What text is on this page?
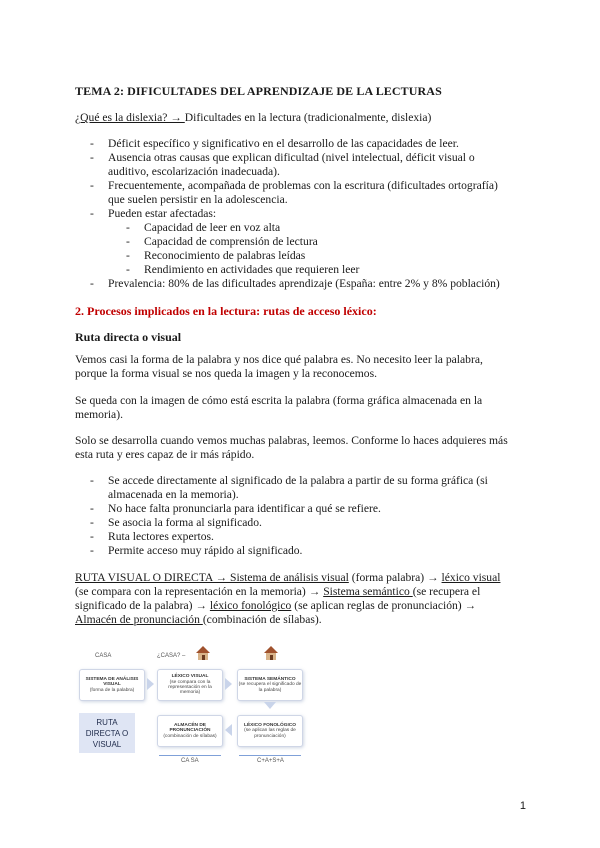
TEMA 2: DIFICULTADES DEL APRENDIZAJE DE LA LECTURAS
¿Qué es la dislexia? → Dificultades en la lectura (tradicionalmente, dislexia)
- Déficit específico y significativo en el desarrollo de las capacidades de leer.
- Ausencia otras causas que explican dificultad (nivel intelectual, déficit visual o
auditivo, escolarización inadecuada).
- Frecuentemente, acompañada de problemas con la escritura (dificultades ortografía)
que suelen persistir en la adolescencia.
- Pueden estar afectadas:
- Capacidad de leer en voz alta
- Capacidad de comprensión de lectura
- Reconocimiento de palabras leídas
- Rendimiento en actividades que requieren leer
- Prevalencia: 80% de las dificultades aprendizaje (España: entre 2% y 8% población)
2. Procesos implicados en la lectura: rutas de acceso léxico:
Ruta directa o visual
Vemos casi la forma de la palabra y nos dice qué palabra es. No necesito leer la palabra,
porque la forma visual se nos queda la imagen y la reconocemos.
Se queda con la imagen de cómo está escrita la palabra (forma gráfica almacenada en la
memoria).
Solo se desarrolla cuando vemos muchas palabras, leemos. Conforme lo haces adquieres más
esta ruta y eres capaz de ir más rápido.
- Se accede directamente al significado de la palabra a partir de su forma gráfica (si
almacenada en la memoria).
- No hace falta pronunciarla para identificar a qué se refiere.
- Se asocia la forma al significado.
- Ruta lectores expertos.
- Permite acceso muy rápido al significado.
RUTA VISUAL O DIRECTA → Sistema de análisis visual (forma palabra) → léxico visual
(se compara con la representación en la memoria) → Sistema semántico (se recupera el
significado de la palabra) → léxico fonológico (se aplican reglas de pronunciación) →
Almacén de pronunciación (combinación de sílabas).
CASA	¿CASA? –
SISTEMA DE ANÁLISIS VISUAL
(forma de la palabra)
LÉXICO VISUAL
(se compara con la representación en la memoria)
SISTEMA SEMÁNTICO
(se recupera el significado de la palabra)
RUTA DIRECTA O VISUAL
ALMACÉN DE PRONUNCIACIÓN
(combinación de sílabas)
LÉXICO FONOLÓGICO
(se aplican las reglas de pronunciación)
CA SA	C+A+S+A
1
